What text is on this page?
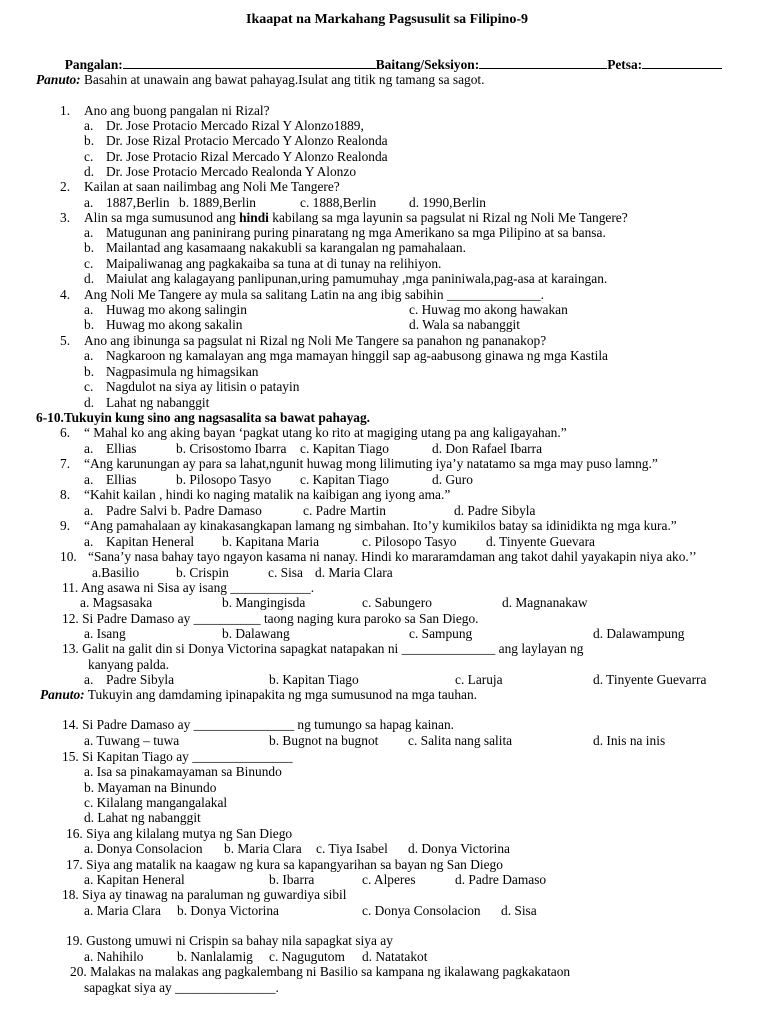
Ikaapat na Markahang Pagsusulit sa Filipino-9

Pangalan:	Baitang/Seksiyon:	Petsa:

Panuto: Basahin at unawain ang bawat pahayag.Isulat ang titik ng tamang sa sagot.
1. Ano ang buong pangalan ni Rizal?
a. Dr. Jose Protacio Mercado Rizal Y Alonzo1889,
b. Dr. Jose Rizal Protacio Mercado Y Alonzo Realonda
c. Dr. Jose Protacio Rizal Mercado Y Alonzo Realonda
d. Dr. Jose Protacio Mercado Realonda Y Alonzo
2. Kailan at saan nailimbag ang Noli Me Tangere?
a. 1887,Berlin b. 1889,Berlin	c. 1888,Berlin d. 1990,Berlin
3. Alin sa mga sumusunod ang hindi kabilang sa mga layunin sa pagsulat ni Rizal ng Noli Me Tangere?
a. Matugunan ang paninirang puring pinaratang ng mga Amerikano sa mga Pilipino at sa bansa.
b. Mailantad ang kasamaang nakakubli sa karangalan ng pamahalaan.
c. Maipaliwanag ang pagkakaiba sa tuna at di tunay na relihiyon.
d. Maiulat ang kalagayang panlipunan,uring pamumuhay ,mga paniniwala,pag-asa at karaingan.
4. Ang Noli Me Tangere ay mula sa salitang Latin na ang ibig sabihin ______________.
a. Huwag mo akong salingin	c. Huwag mo akong hawakan
b. Huwag mo akong sakalin	d. Wala sa nabanggit
5. Ano ang ibinunga sa pagsulat ni Rizal ng Noli Me Tangere sa panahon ng pananakop?
a. Nagkaroon ng kamalayan ang mga mamayan hinggil sap ag-aabusong ginawa ng mga Kastila
b. Nagpasimula ng himagsikan
c. Nagdulot na siya ay litisin o patayin
d. Lahat ng nabanggit
6-10.Tukuyin kung sino ang nagsasalita sa bawat pahayag.
6. “ Mahal ko ang aking bayan ‘pagkat utang ko rito at magiging utang pa ang kaligayahan.”
a. Ellias	b. Crisostomo Ibarra c. Kapitan Tiago	d. Don Rafael Ibarra
7. “Ang karunungan ay para sa lahat,ngunit huwag mong lilimuting iya’y natatamo sa mga may puso lamng.”
a. Ellias	b. Pilosopo Tasyo c. Kapitan Tiago	d. Guro
8. “Kahit kailan , hindi ko naging matalik na kaibigan ang iyong ama.”
a. Padre Salvi b. Padre Damaso	c. Padre Martin	d. Padre Sibyla
9. “Ang pamahalaan ay kinakasangkapan lamang ng simbahan. Ito’y kumikilos batay sa idinidikta ng mga kura.”
a. Kapitan Heneral b. Kapitana Maria	c. Pilosopo Tasyo d. Tinyente Guevara
10. “Sana’y nasa bahay tayo ngayon kasama ni nanay. Hindi ko mararamdaman ang takot dahil yayakapin niya ako.’’
a.Basilio	b. Crispin	c. Sisa d. Maria Clara
11. Ang asawa ni Sisa ay isang ____________.
a. Magsasaka	b. Mangingisda	c. Sabungero	d. Magnanakaw
12. Si Padre Damaso ay __________ taong naging kura paroko sa San Diego.
a. Isang	b. Dalawang	c. Sampung	d. Dalawampung
13. Galit na galit din si Donya Victorina sapagkat natapakan ni ______________ ang laylayan ng
kanyang palda.
a. Padre Sibyla	b. Kapitan Tiago	c. Laruja	d. Tinyente Guevarra
Panuto: Tukuyin ang damdaming ipinapakita ng mga sumusunod na mga tauhan.
14. Si Padre Damaso ay _______________ ng tumungo sa hapag kainan.
a. Tuwang – tuwa	b. Bugnot na bugnot c. Salita nang salita	d. Inis na inis
15. Si Kapitan Tiago ay _______________
a. Isa sa pinakamayaman sa Binundo
b. Mayaman na Binundo
c. Kilalang mangangalakal
d. Lahat ng nabanggit
16. Siya ang kilalang mutya ng San Diego
a. Donya Consolacion b. Maria Clara c. Tiya Isabel d. Donya Victorina
17. Siya ang matalik na kaagaw ng kura sa kapangyarihan sa bayan ng San Diego
a. Kapitan Heneral	b. Ibarra	c. Alperes	d. Padre Damaso
18. Siya ay tinawag na paraluman ng guwardiya sibil
a. Maria Clara b. Donya Victorina	c. Donya Consolacion d. Sisa
19. Gustong umuwi ni Crispin sa bahay nila sapagkat siya ay
a. Nahihilo	b. Nanlalamig c. Nagugutom d. Natatakot
20. Malakas na malakas ang pagkalembang ni Basilio sa kampana ng ikalawang pagkakataon
sapagkat siya ay _______________.
